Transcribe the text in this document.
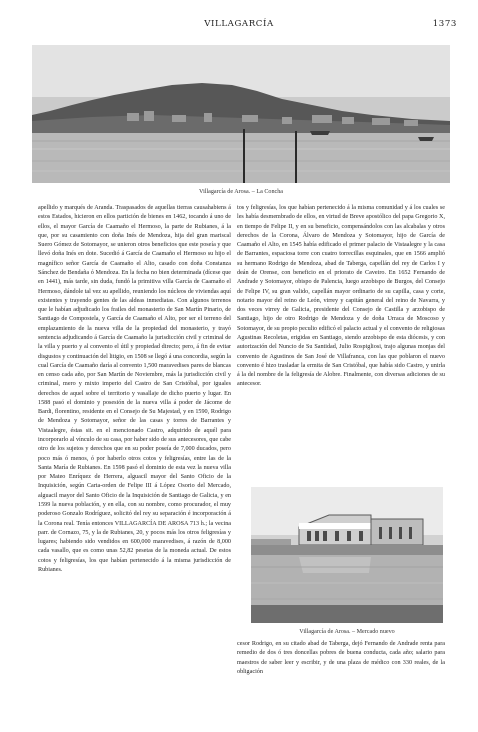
VILLAGARCÍA	1373
Villagarcía de Arosa. – La Concha

apellido y marqués de Aranda. Traspasados de aquellas tierras causahabiens á estos Estados, hicieron en ellos partición de bienes en 1462, tocando á uno de ellos, el mayor García de Caamaño el Hermoso, la parte de Rubianes, á la que, por su casamiento con doña Inés de Mendoza, hija del gran mariscal Suero Gómez de Sotomayor, se unieron otros beneficios que este poseía y que llevó doña Inés en dote. Sucedió á García de Caamaño el Hermoso su hijo el magnífico señor García de Caamaño el Alto, casado con doña Constanza Sánchez de Bendaña ó Mendoza. En la fecha no bien determinada (dícese que en 1441), más tarde, sin duda, fundó la primitiva villa García de Caamaño el Hermoso, dándole tal vez su apellido, reuniendo los núcleos de viviendas aquí existentes y trayendo gentes de las aldeas inmediatas. Con algunos terrenos que le habían adjudicado los frailes del monasterio de San Martín Pinario, de Santiago de Compostela, y García de Caamaño el Alto, por ser el terreno del emplazamiento de la nueva villa de la propiedad del monasterio, y trayó sentencia adjudicando á García de Caamaño la jurisdicción civil y criminal de la villa y puerto y al convento el útil y propiedad directo; pero, á fin de evitar disgustos y continuación del litigio, en 1508 se llegó á una concordia, según la cual García de Caamaño daría al convento 1,500 maravedises pares de blancas en censo cada año, por San Martín de Noviembre, más la jurisdicción civil y criminal, mero y mixto imperio del Castro de San Cristóbal, por iguales derechos de aquel sobre el territorio y vasallaje de dicho puerto y lugar. En 1588 pasó el dominio y posesión de la nueva villa á poder de Jácome de Bardi, florentino, residente en el Consejo de Su Majestad, y en 1590, Rodrigo de Mendoza y Sotomayor, señor de las casas y torres de Barrantes y Vistaalegre, éstas sit. en el mencionado Castro, adquirido de aquél para incorporarlo al vínculo de su casa, por haber sido de sus antecesores, que cabe otro de los sujetos y derechos que en su poder poseía de 7,000 ducados, pero poco más ó menos, ó por haberlo otros cotos y feligresías, entre las de la Santa María de Rubianes. En 1598 pasó el dominio de esta vez la nueva villa por Mateo Enríquez de Herrera, alguacil mayor del Santo Oficio de la Inquisición, según Carta-orden de Felipe III á López Osorio del Mercado, alguacil mayor del Santo Oficio de la Inquisición de Santiago de Galicia, y en 1599 la nueva población, y en ella, con su nombre, como procurador, el muy poderoso Gonzalo Rodríguez, solicitó del rey su separación é incorporación á la Corona real. Tenía entonces VILLAGARCÍA DE AROSA 713 h.; la vecina parr. de Cornazo, 75, y la de Rubianes, 20, y pocos más los otros feligresías y lugares; habiendo sido vendidos en 600,000 maravedises, á razón de 8,000 cada vasallo, que es como unas 52,82 pesetas de la moneda actual. De estos cotos y feligresías, los que habían pertenecido á la misma jurisdicción de Rubianes.

tos y feligresías, los que habían pertenecido á la misma comunidad y á los cuales se les había desmembrado de ellos, en virtud de Breve apostólico del papa Gregorio X, en tiempo de Felipe II, y en su beneficio, compensándolos con las alcabalas y otros derechos de la Corona, Álvaro de Mendoza y Sotomayor, hijo de García de Caamaño el Alto, en 1545 había edificado el primer palacio de Vistaalegre y la casa de Barrantes, espaciosa torre con cuatro torrecillas esquinales, que en 1566 amplió su hermano Rodrigo de Mendoza, abad de Taberga, capellán del rey de Carlos I y deán de Orense, con beneficio en el priorato de Caveiro. En 1652 Fernando de Andrade y Sotomayor, obispo de Palencia, luego arzobispo de Burgos, del Consejo de Felipe IV, su gran valido, capellán mayor ordinario de su capilla, casa y corte, notario mayor del reino de León, virrey y capitán general del reino de Navarra, y dos veces virrey de Galicia, presidente del Consejo de Castilla y arzobispo de Santiago, hijo de otro Rodrigo de Mendoza y de doña Urraca de Moscoso y Sotomayor, de su propio peculio edificó el palacio actual y el convento de religiosas Agustinas Recoletas, erigidas en Santiago, siendo arzobispo de esta diócesis, y con autorización del Nuncio de Su Santidad, Julio Rospigliosi, trajo algunas monjas del convento de Agustinos de San José de Villafranca, con las que poblaron el nuevo convento é hizo trasladar la ermita de San Cristóbal, que había sido Castro, y unirla á la del nombre de la feligresía de Alobre. Finalmente, con diversas adiciones de su antecesor.

Villagarcía de Arosa. – Mercado nuevo

cesor Rodrigo, en su citado abad de Taberga, dejó Fernando de Andrade renta para remedio de dos ó tres doncellas pobres de buena conducta, cada año; salario para maestros de saber leer y escribir, y de una plaza de médico con 330 reales, de la obligación
